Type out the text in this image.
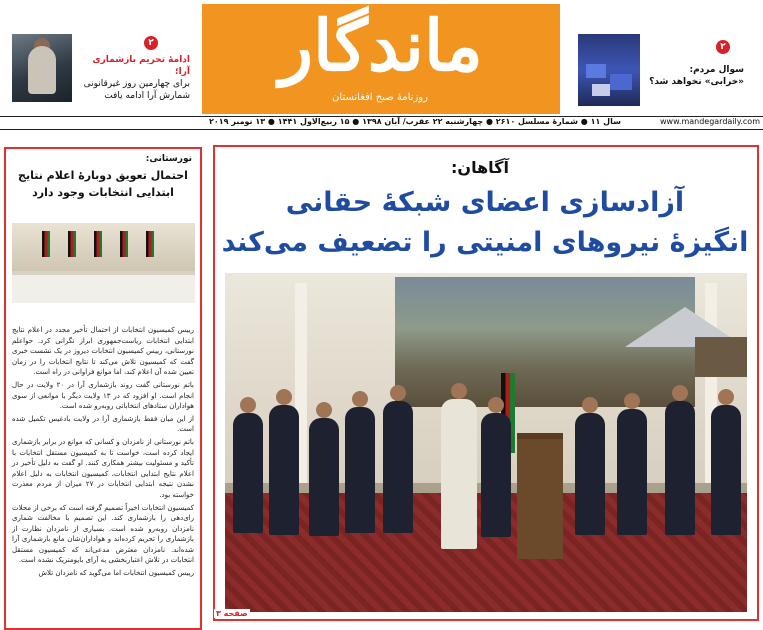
۲
ادامهٔ تحریم بازشماری آرا؛
برای چهارمین روز غیرقانونی
شمارش آرا ادامه یافت
ماندگار
روزنامهٔ صبح افغانستان
۲
سوال مردم:
«خرابی» نخواهد شد؟
www.mandegardaily.com
سال ۱۱ ● شمارهٔ مسلسل ۲۶۱۰ ● چهارشنبه ۲۲ عقرب/ آبان ۱۳۹۸ ● ۱۵ ربیع‌الاول ۱۴۴۱ ● ۱۳ نومبر ۲۰۱۹
نورستانی:
احتمال تعویق دوبارهٔ اعلام نتایج ابتدایی انتخابات وجود دارد

رییس کمیسیون انتخابات از احتمال تأخیر مجدد در اعلام نتایج ابتدایی انتخابات ریاست‌جمهوری ابراز نگرانی کرد. حواعلم نورستانی، رییس کمیسیون انتخابات دیروز در یک نشست خبری گفت که کمیسیون تلاش می‌کند تا نتایج انتخابات را در زمان تعیین شده آن اعلام کند، اما موانع فراوانی در راه است.

باتم نورستانی گفت روند بازشماری آرا در ۲۰ ولایت در حال انجام است. او افزود که در ۱۳ ولایت دیگر با موانعی از سوی هواداران ستادهای انتخاباتی روبه‌رو شده است.

از این میان فقط بازشماری آرا در ولایت بادغیس تکمیل شده است.

باتم نورستانی از نامزدان و کسانی که موانع در برابر بازشماری ایجاد کرده است، خواست تا به کمیسیون مستقل انتخابات با تأکید و مسئولیت بیشتر همکاری کنند. او گفت به دلیل تأخیر در اعلام نتایج ابتدایی انتخابات، کمیسیون انتخابات به دلیل اعلام نشدن نتیجه ابتدایی انتخابات در ۲۷ میزان از مردم معذرت خواسته بود.

کمیسیون انتخابات اخیراً تصمیم گرفته است که برخی از محلات رای‌دهی را بازشماری کند. این تصمیم با مخالفت شماری نامزدان روبه‌رو شده است. بسیاری از نامزدان نظارت از بازشماری را تحریم کرده‌اند و هواداران‌شان مانع بازشماری آرا شده‌اند. نامزدان معترض مدعی‌اند که کمیسیون مستقل انتخابات در تلاش اعتباربخشی به آرای بایومتریک نشده است.

رییس کمیسیون انتخابات اما می‌گوید که نامزدان تلاش

آگاهان:
آزادسازی اعضای شبکهٔ حقانی
انگیزهٔ نیروهای امنیتی را تضعیف می‌کند
صفحه ۳
